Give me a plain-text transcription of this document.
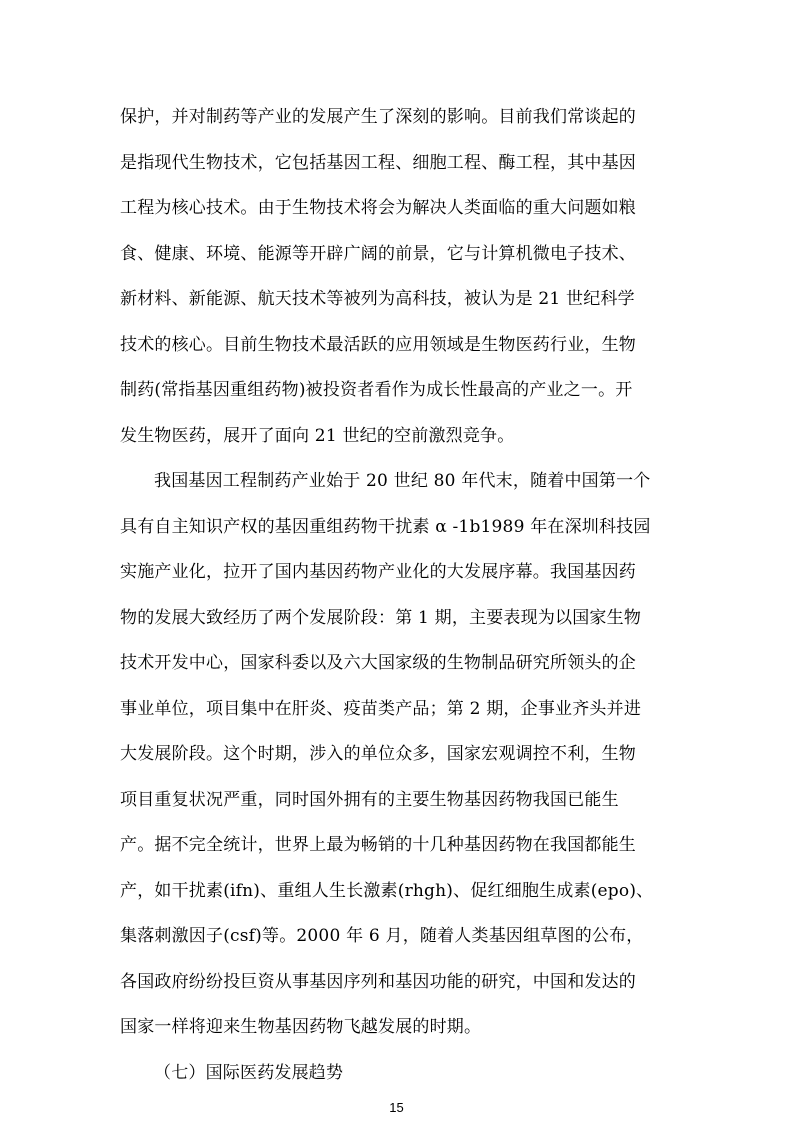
保护，并对制药等产业的发展产生了深刻的影响。目前我们常谈起的
是指现代生物技术，它包括基因工程、细胞工程、酶工程，其中基因
工程为核心技术。由于生物技术将会为解决人类面临的重大问题如粮
食、健康、环境、能源等开辟广阔的前景，它与计算机微电子技术、
新材料、新能源、航天技术等被列为高科技，被认为是 21 世纪科学
技术的核心。目前生物技术最活跃的应用领域是生物医药行业，生物
制药(常指基因重组药物)被投资者看作为成长性最高的产业之一。开
发生物医药，展开了面向 21 世纪的空前激烈竞争。
我国基因工程制药产业始于 20 世纪 80 年代末，随着中国第一个
具有自主知识产权的基因重组药物干扰素 α -1b1989 年在深圳科技园
实施产业化，拉开了国内基因药物产业化的大发展序幕。我国基因药
物的发展大致经历了两个发展阶段：第 1 期，主要表现为以国家生物
技术开发中心，国家科委以及六大国家级的生物制品研究所领头的企
事业单位，项目集中在肝炎、疫苗类产品；第 2 期，企事业齐头并进
大发展阶段。这个时期，涉入的单位众多，国家宏观调控不利，生物
项目重复状况严重，同时国外拥有的主要生物基因药物我国已能生
产。据不完全统计，世界上最为畅销的十几种基因药物在我国都能生
产，如干扰素(ifn)、重组人生长激素(rhgh)、促红细胞生成素(epo)、
集落刺激因子(csf)等。2000 年 6 月，随着人类基因组草图的公布，
各国政府纷纷投巨资从事基因序列和基因功能的研究，中国和发达的
国家一样将迎来生物基因药物飞越发展的时期。
（七）国际医药发展趋势
15
